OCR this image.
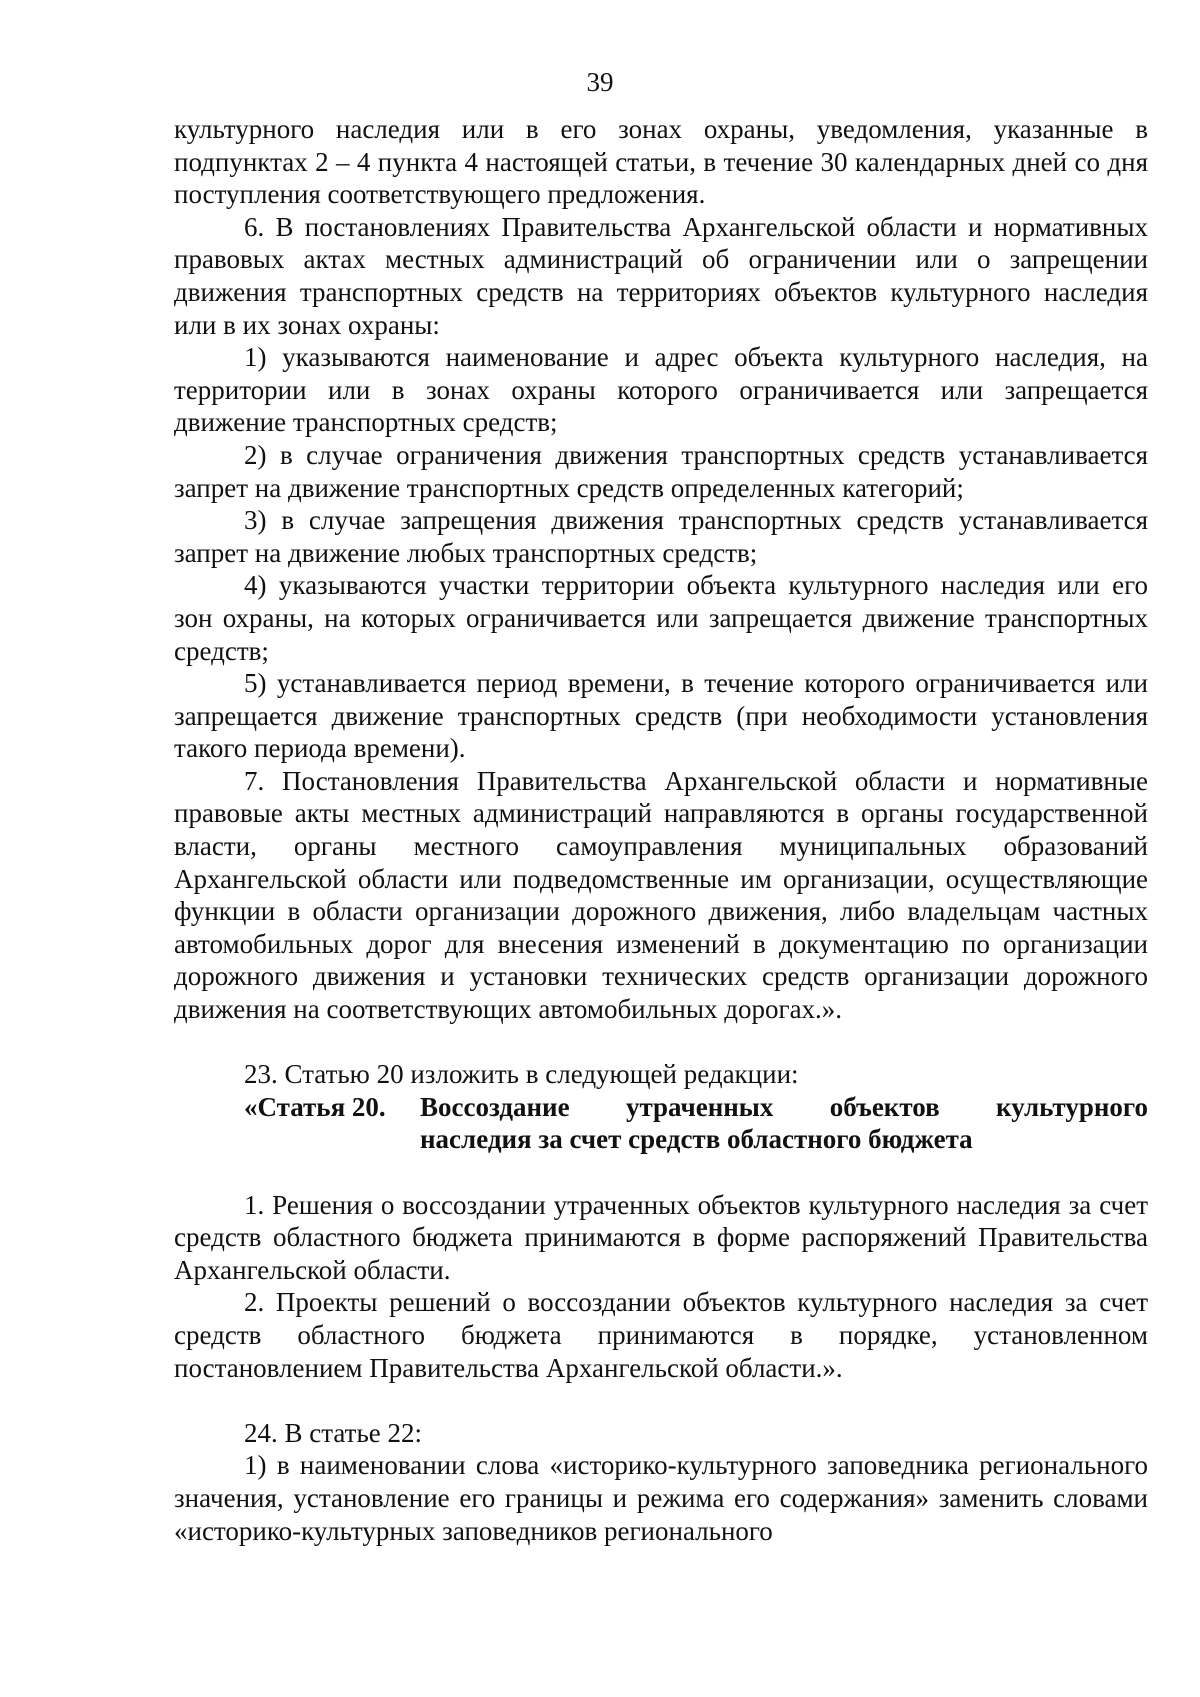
39

культурного наследия или в его зонах охраны, уведомления, указанные в подпунктах 2 – 4 пункта 4 настоящей статьи, в течение 30 календарных дней со дня поступления соответствующего предложения.

6. В постановлениях Правительства Архангельской области и нормативных правовых актах местных администраций об ограничении или о запрещении движения транспортных средств на территориях объектов культурного наследия или в их зонах охраны:

1) указываются наименование и адрес объекта культурного наследия, на территории или в зонах охраны которого ограничивается или запрещается движение транспортных средств;

2) в случае ограничения движения транспортных средств устанавливается запрет на движение транспортных средств определенных категорий;

3) в случае запрещения движения транспортных средств устанавливается запрет на движение любых транспортных средств;

4) указываются участки территории объекта культурного наследия или его зон охраны, на которых ограничивается или запрещается движение транспортных средств;

5) устанавливается период времени, в течение которого ограничивается или запрещается движение транспортных средств (при необходимости установления такого периода времени).

7. Постановления Правительства Архангельской области и нормативные правовые акты местных администраций направляются в органы государственной власти, органы местного самоуправления муниципальных образований Архангельской области или подведомственные им организации, осуществляющие функции в области организации дорожного движения, либо владельцам частных автомобильных дорог для внесения изменений в документацию по организации дорожного движения и установки технических средств организации дорожного движения на соответствующих автомобильных дорогах.».

23. Статью 20 изложить в следующей редакции:

«Статья 20.	Воссоздание утраченных объектов культурного
наследия за счет средств областного бюджета

1. Решения о воссоздании утраченных объектов культурного наследия за счет средств областного бюджета принимаются в форме распоряжений Правительства Архангельской области.

2. Проекты решений о воссоздании объектов культурного наследия за счет средств областного бюджета принимаются в порядке, установленном постановлением Правительства Архангельской области.».

24. В статье 22:

1) в наименовании слова «историко-культурного заповедника регионального значения, установление его границы и режима его содержания» заменить словами «историко-культурных заповедников регионального
